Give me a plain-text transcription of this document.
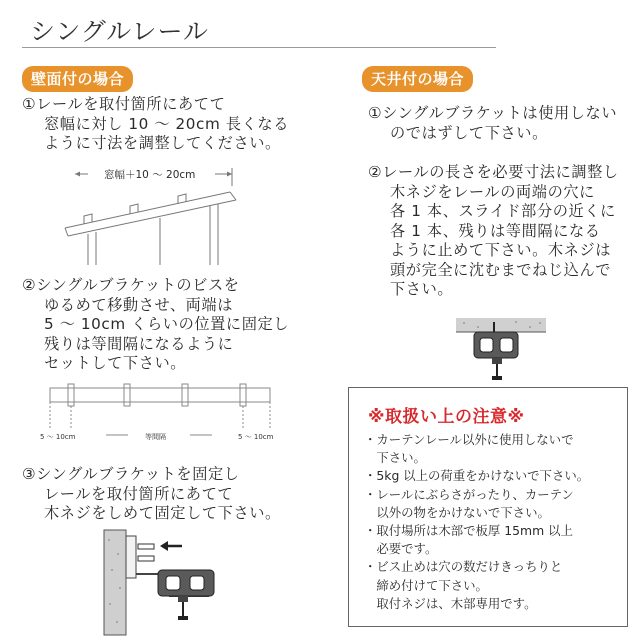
シングルレール
壁面付の場合
①レールを取付箇所にあてて
窓幅に対し 10 〜 20cm 長くなる
ように寸法を調整してください。
窓幅＋10 〜 20cm
②シングルブラケットのビスを
ゆるめて移動させ、両端は
5 〜 10cm くらいの位置に固定し
残りは等間隔になるように
セットして下さい。
5 〜 10cm	等間隔	5 〜 10cm
③シングルブラケットを固定し
レールを取付箇所にあてて
木ネジをしめて固定して下さい。
天井付の場合
①シングルブラケットは使用しない
のではずして下さい。
②レールの長さを必要寸法に調整し
木ネジをレールの両端の穴に
各 1 本、スライド部分の近くに
各 1 本、残りは等間隔になる
ように止めて下さい。木ネジは
頭が完全に沈むまでねじ込んで
下さい。
※取扱い上の注意※
・カーテンレール以外に使用しないで
　下さい。
・5kg 以上の荷重をかけないで下さい。
・レールにぶらさがったり、カーテン
　以外の物をかけないで下さい。
・取付場所は木部で板厚 15mm 以上
　必要です。
・ビス止めは穴の数だけきっちりと
　締め付けて下さい。
　取付ネジは、木部専用です。
